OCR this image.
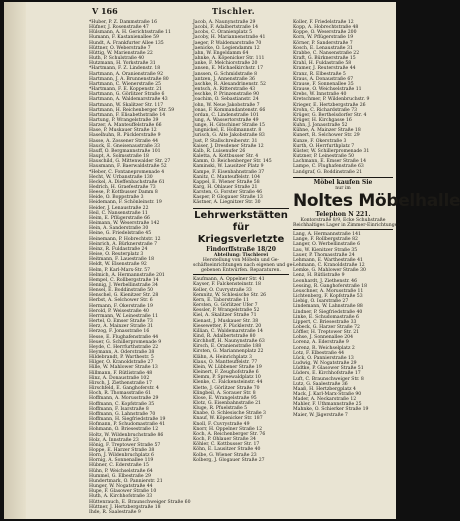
V 166	Tischler.
*Huber, P. Z. Dammstraße 16
Hüfner, J. Rosenstraße 47
Hülsmann, A. H. Gerichtsstraße 11
Humann, F. Kastanienallee 59
Hundt, A. Frankfurter Allee 135
Hüttner, O. Weberstraße 7
Hüttig, W. Marienstraße 22
Huth, P. Schulstraße 40
Hutzmann, H. Yorkstraße 31
*Hartmann, F. Z. Lindenstr. 18
Hartmann, A. Oranienstraße 92
Hartmann, J. A. Brunnenstraße 80
Hartmann, C. Wienerstraße 25
*Hartmann, F. E. Koppenstr. 21
Hartmann, G. Görlitzer Straße 6
Hartmann, A. Waldemarstraße 43
Hartmann, W. Skalitzer Str. 117
Hartmann, H. Reichenberger Str. 59
Hartmann, F. Elisabethstraße 14
Hartung, P. Wrangelstraße 39
Harzer, A. Manteuffelstraße 66
Hase, P. Muskauer Straße 12
Haselhuhn, R. Pücklerstraße 9
Hasse, A. Zossener Straße 44
Hauck, E. Gneisenaustraße 33
Hauff, O. Bergmannstraße 101
Haupt, A. Solmsstraße 18
Hauschild, G. Mittenwalder Str. 27
Hausmann, F. Baerwaldstraße 52
*Heber, C. Fontanepromenade 4
Hecht, W. Urbanstraße 130
Heckel, A. Dieffenbachstraße 61
Hedrich, H. Graefestraße 73
Heese, P. Kottbusser Damm 8
Heide, O. Boppstraße 3
Heidemann, F. Schönleinstr. 19
Heider, J. Lenaustraße 22
Heil, C. Nansenstraße 11
Heim, E. Pflügerstraße 66
Heimann, W. Weserstraße 142
Hein, A. Sanderstraße 30
Heine, G. Friedelstraße 45
Heinemann, P. Hobrechtstr. 12
Heinrich, A. Bürknerstraße 7
Heinz, R. Fuldastraße 24
Heise, O. Reuterplatz 3
Heitmann, F. Lauestraße 18
Heldt, W. Elsenstraße 92
Helm, P. Karl-Marx-Str. 57
Helmich, A. Hermannstraße 201
Hempel, C. Rollbergstraße 14
Hennig, J. Werbellinstraße 34
Hensel, E. Boddinstraße 50
Henschel, G. Kienitzer Str. 28
Herbst, A. Selchower Str. 6
Hermann, F. Okerstraße 19
Herold, P. Weisestraße 40
Herrmann, W. Leinestraße 11
Hertel, O. Emser Straße 73
Herz, A. Mainzer Straße 31
Herzog, F. Jonasstraße 16
Hesse, E. Flughafenstraße 44
Heuer, G. Schillerpromenade 9
Heyde, C. Herrfurthstraße 22
Heymann, A. Oderstraße 38
Hildebrandt, P. Warthestr. 5
Hilger, O. Kranoldstraße 27
Hille, W. Mahlower Straße 13
Hillmann, F. Rütlistraße 48
Hinz, A. Donaustraße 102
Hirsch, J. Ziethenstraße 17
Hirschfeld, E. Ganghoferstr. 4
Hoch, R. Thomasstraße 61
Hoffmann, A. Morusstraße 29
Hoffmann, C. Kopfstraße 35
Hoffmann, F. Isarstraße 8
Hoffmann, G. Lahnstraße 70
Hoffmann, H. Siegfriedstraße 19
Hofmann, P. Schudomastraße 41
Hohmann, O. Briesestraße 12
Holtz, W. Wildenbruchstraße 86
Holz, A. Innstraße 23
Hönig, F. Treptower Straße 57
Hoppe, E. Harzer Straße 38
Horn, J. Wildenbruchplatz 6
Hornig, A. Sonnenallee 119
Hübner, C. Ederstraße 15
Hühn, P. Weichselstraße 64
Hummel, G. Elbestraße 29
Hundertmark, O. Pannierstr. 21
Hunger, W. Nogatstraße 44
Hupe, F. Glasower Straße 10
Huth, A. Kirchhofstraße 33
Hüttenrauch, E. Braunschweiger Straße 60
Hüttner, J. Hertzbergstraße 18
Ihde, R. Saalestraße 9
Jacob, A. Naunynstraße 29
Jacobi, F. Adalbertstraße 14
Jacobs, C. Oranienplatz 5
Jacoby, H. Mariannenstraße 41
Jaeger, P. Waldemarstraße 70
Jaenicke, O. Legiendamm 12
Jahn, W. Engeldamm 64
Jahnke, A. Köpenicker Str. 111
Janke, F. Melchiorstraße 20
Jansen, E. Michaelkirchstr. 17
Janssen, G. Schmidstraße 8
Jantzen, J. Annenstraße 36
Jaschke, R. Alexandrinenstr. 52
Jentsch, A. Ritterstraße 43
Jeschke, P. Prinzenstraße 90
Joachim, O. Sebastianstr. 24
John, W. Neue Jakobstraße 7
Jonas, F. Kommandantenstr. 66
Jordan, C. Lindenstraße 101
Jung, A. Wassertorstraße 49
Junge, H. Gitschiner Straße 15
Jungnickel, E. Hollmannstr. 8
Jurisch, G. Alte Jakobstraße 83
Just, P. Stallschreiberstr. 31
Kaiser, J. Dresdener Straße 12
Kalb, R. Luisenufer 26
Kaletta, A. Kottbusser Str. 4
Kamm, O. Reichenberger Str. 145
Kaminski, W. Lausitzer Platz 9
Kampe, F. Eisenbahnstraße 37
Kanitz, C. Manteuffelstr. 104
Kappel, E. Wiener Straße 58
Karg, H. Ohlauer Straße 21
Karsten, G. Forster Straße 46
Kasper, P. Glogauer Straße 13
Kästner, A. Liegnitzer Str. 30
Lehrwerkstätten für Kriegsverletzte
Findorffstraße 18/20
Abteilung: Tischlerei
Herstellung von Möbeln und Ge-
schäftseinrichtungen nach eigenen und ge-
gebenen Entwürfen. Reparaturen.
Kaufmann, A. Oppelner Str. 41
Kayser, F. Falckensteinstr. 18
Keller, O. Cuvrystraße 33
Kemnitz, W. Schlesische Str. 26
Kern, E. Taborstraße 11
Kersten, G. Görlitzer Ufer 7
Kessler, P. Wrangelstraße 52
Kiel, A. Skalitzer Straße 71
Kienast, J. Muskauer Str. 38
Kiesewetter, F. Pücklerstr. 20
Killian, C. Waldemarstraße 14
Kind, R. Adalbertstraße 80
Kirchhoff, H. Naunynstraße 63
Kirsch, E. Oranienstraße 188
Kirsten, G. Mariannenplatz 22
Klähn, A. Heinrichplatz 3
Klaus, O. Mantteuffelstr. 77
Klein, W. Lübbener Straße 19
Kleinert, F. Zeughofstraße 6
Klemm, P. Spreewaldplatz 10
Klenke, C. Falckensteinstr. 44
Klette, J. Görlitzer Straße 70
Klingbeil, A. Sorauer Str. 8
Klose, E. Wrangelstraße 95
Klotz, G. Eisenbahnstraße 21
Kluge, R. Pfuelstraße 5
Knabe, O. Schlesische Straße 3
Knauf, W. Köpenicker Str. 187
Knoll, F. Cuvrystraße 49
Knorr, H. Oppelner Straße 12
Koch, A. Reichenberger Str. 76
Koch, P. Ohlauer Straße 34
Köhler, C. Kottbusser Str. 17
Köhn, E. Lausitzer Straße 40
Kolbe, G. Wiener Straße 23
Kolberg, J. Glogauer Straße 27
Koller, F. Friedelstraße 12
Kopp, A. Hobrechtstraße 48
Koppe, O. Weserstraße 200
Korn, W. Pflügerstraße 19
Körner, P. Sanderstraße 7
Kosch, E. Lenaustraße 31
Krabbe, C. Nansenstraße 22
Kraft, G. Bürknerstraße 15
Krahl, H. Fuldastraße 58
Kramer, J. Reuterstraße 44
Kranz, R. Elbestraße 5
Kraus, A. Donaustraße 67
Krause, F. Sonnenallee 35
Krause, O. Weichselstraße 11
Krebs, W. Innstraße 40
Kretschmer, P. Wildenbruchstr. 9
Krieger, E. Hertzbergstraße 26
Krohn, C. Richardstraße 73
Krüger, G. Berthelsdorfer Str. 4
Krüger, H. Kirchgasse 16
Kuhn, J. Jonasstraße 52
Kühne, A. Mainzer Straße 18
Kunert, R. Selchower Str. 29
Kunze, F. Okerstraße 3
Kurth, O. Herrfurthplatz 7
Küster, W. Schillerpromenade 31
Kutzner, P. Leinestraße 50
Lachmann, E. Emser Straße 14
Lampe, C. Flughafenstraße 63
Landgraf, G. Boddinstraße 21
Möbel kaufen Sie
nur im
Noltes Möbelhalle
Telephon N 221.
Kontorstraße 8/9, Ecke Schuhstraße
Reichhaltiges Lager in Zimmer-Einrichtungen
Lang, A. Hermannstraße 141
Lange, F. Rollbergstraße 82
Langer, O. Werbellinstraße 6
Lau, W. Kienitzer Straße 35
Lauer, P. Thomasstraße 24
Lehmann, E. Warthestraße 41
Lehmann, C. Kranoldstraße 12
Lemke, G. Mahlower Straße 30
Lenz, H. Rütlistraße 9
Leonhardt, J. Ziethenstr. 46
Lessing, R. Ganghoferstraße 18
Leuschner, A. Morusstraße 11
Lichtenberg, F. Kopfstraße 53
Liebig, O. Isarstraße 27
Lindemann, W. Lahnstraße 88
Lindner, P. Siegfriedstraße 40
Linke, E. Schudomastraße 6
Lippert, C. Briesestraße 33
Lobeck, G. Harzer Straße 72
Löffler, H. Treptower Str. 21
Lohse, J. Sonnenallee 204
Lorenz, A. Ederstraße 9
Lorenz, R. Weichselplatz 2
Lotz, F. Elbestraße 44
Lück, O. Pannierstraße 13
Ludwig, W. Nogatstraße 29
Lüdtke, P. Glasower Straße 51
Lüders, E. Kirchhofstraße 17
Luft, C. Braunschweiger Str. 8
Lutz, G. Saalestraße 36
Maaß, H. Hertzbergplatz 4
Mack, J. Karl-Marx-Straße 90
Mader, A. Neckarstraße 12
Mahler, F. Uthmannstraße 25
Mahnke, O. Schierker Straße 19
Maier, W. Jägerstraße 7
